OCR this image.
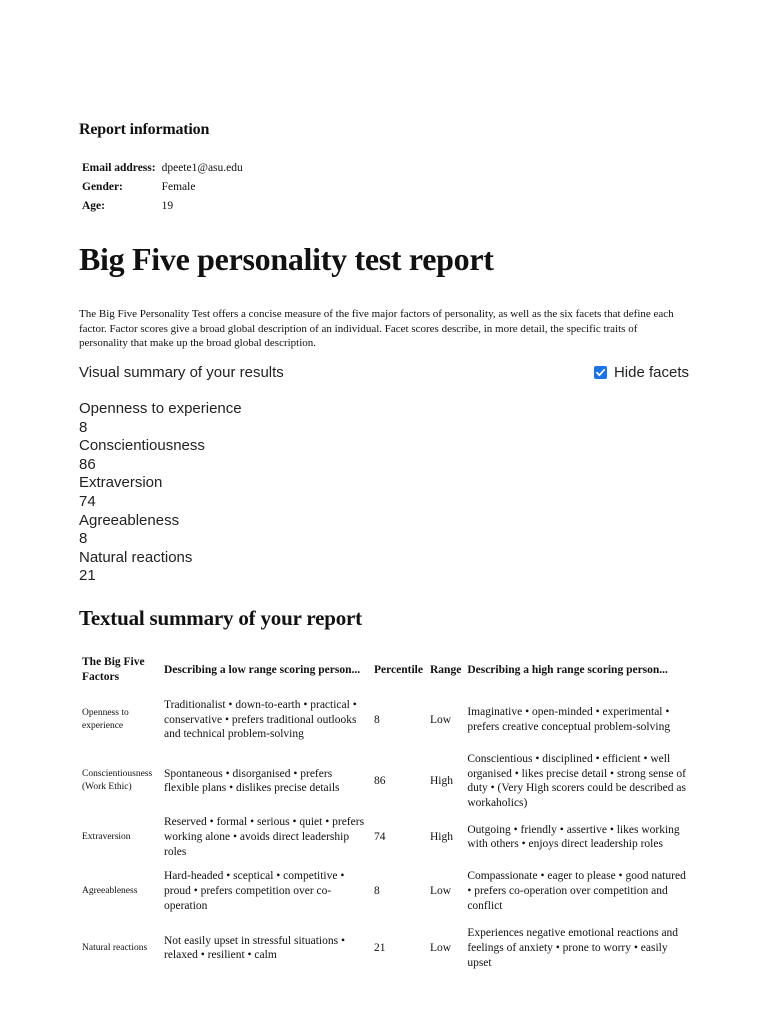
Report information
Email address:	dpeete1@asu.edu
Gender:	Female
Age:	19
Big Five personality test report

The Big Five Personality Test offers a concise measure of the five major factors of personality, as well as the six facets that define each factor. Factor scores give a broad global description of an individual. Facet scores describe, in more detail, the specific traits of personality that make up the broad global description.

Visual summary of your results	Hide facets
Openness to experience
8
Conscientiousness
86
Extraversion
74
Agreeableness
8
Natural reactions
21
Textual summary of your report
The Big Five Factors	Describing a low range scoring person...	Percentile	Range	Describing a high range scoring person...
Openness to experience	Traditionalist • down-to-earth • practical • conservative • prefers traditional outlooks and technical problem-solving	8	Low	Imaginative • open-minded • experimental • prefers creative conceptual problem-solving
Conscientiousness (Work Ethic)	Spontaneous • disorganised • prefers flexible plans • dislikes precise details	86	High	Conscientious • disciplined • efficient • well organised • likes precise detail • strong sense of duty • (Very High scorers could be described as workaholics)
Extraversion	Reserved • formal • serious • quiet • prefers working alone • avoids direct leadership roles	74	High	Outgoing • friendly • assertive • likes working with others • enjoys direct leadership roles
Agreeableness	Hard-headed • sceptical • competitive • proud • prefers competition over co-operation	8	Low	Compassionate • eager to please • good natured • prefers co-operation over competition and conflict
Natural reactions	Not easily upset in stressful situations • relaxed • resilient • calm	21	Low	Experiences negative emotional reactions and feelings of anxiety • prone to worry • easily upset
